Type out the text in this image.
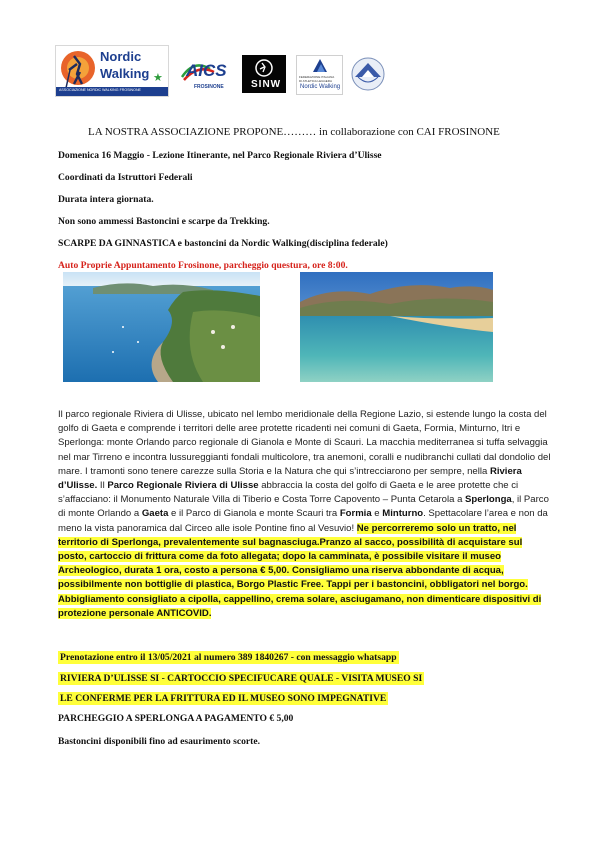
Nordic
Walking ★
ASSOCIAZIONE NORDIC WALKING FROSINONE
AICS
FROSINONE	SINW
FEDERAZIONE ITALIANA
DI ATLETICA LEGGERA
Nordic Walking
LA NOSTRA ASSOCIAZIONE PROPONE……… in collaborazione con CAI FROSINONE
Domenica 16 Maggio - Lezione Itinerante, nel Parco Regionale Riviera d’Ulisse
Coordinati da Istruttori Federali
Durata intera giornata.
Non sono ammessi Bastoncini e scarpe da Trekking.
SCARPE DA GINNASTICA e bastoncini da Nordic Walking(disciplina federale)
Auto Proprie Appuntamento Frosinone, parcheggio questura, ore 8:00.

Il parco regionale Riviera di Ulisse, ubicato nel lembo meridionale della Regione Lazio, si estende lungo la costa del golfo di Gaeta e comprende i territori delle aree protette ricadenti nei comuni di Gaeta, Formia, Minturno, Itri e Sperlonga: monte Orlando parco regionale di Gianola e Monte di Scauri. La macchia mediterranea si tuffa selvaggia nel mar Tirreno e incontra lussureggianti fondali multicolore, tra anemoni, coralli e nudibranchi cullati dal dondolio del mare. I tramonti sono tenere carezze sulla Storia e la Natura che qui s’intrecciarono per sempre, nella Riviera d’Ulisse. Il Parco Regionale Riviera di Ulisse abbraccia la costa del golfo di Gaeta e le aree protette che ci s’affacciano: il Monumento Naturale Villa di Tiberio e Costa Torre Capovento – Punta Cetarola a Sperlonga, il Parco di monte Orlando a Gaeta e il Parco di Gianola e monte Scauri tra Formia e Minturno. Spettacolare l’area e non da meno la vista panoramica dal Circeo alle isole Pontine fino al Vesuvio! Ne percorreremo solo un tratto, nel territorio di Sperlonga, prevalentemente sul bagnasciuga.Pranzo al sacco, possibilità di acquistare sul posto, cartoccio di frittura come da foto allegata; dopo la camminata, è possibile visitare il museo Archeologico, durata 1 ora, costo a persona € 5,00. Consigliamo una riserva abbondante di acqua, possibilmente non bottiglie di plastica, Borgo Plastic Free. Tappi per i bastoncini, obbligatori nel borgo.
Abbigliamento consigliato a cipolla, cappellino, crema solare, asciugamano, non dimenticare dispositivi di protezione personale ANTICOVID.

Prenotazione entro il 13/05/2021 al numero 389 1840267 - con messaggio whatsapp
RIVIERA D’ULISSE SI - CARTOCCIO SPECIFUCARE QUALE - VISITA MUSEO SI
LE CONFERME PER LA FRITTURA ED IL MUSEO SONO IMPEGNATIVE
PARCHEGGIO A SPERLONGA A PAGAMENTO € 5,00
Bastoncini disponibili fino ad esaurimento scorte.
